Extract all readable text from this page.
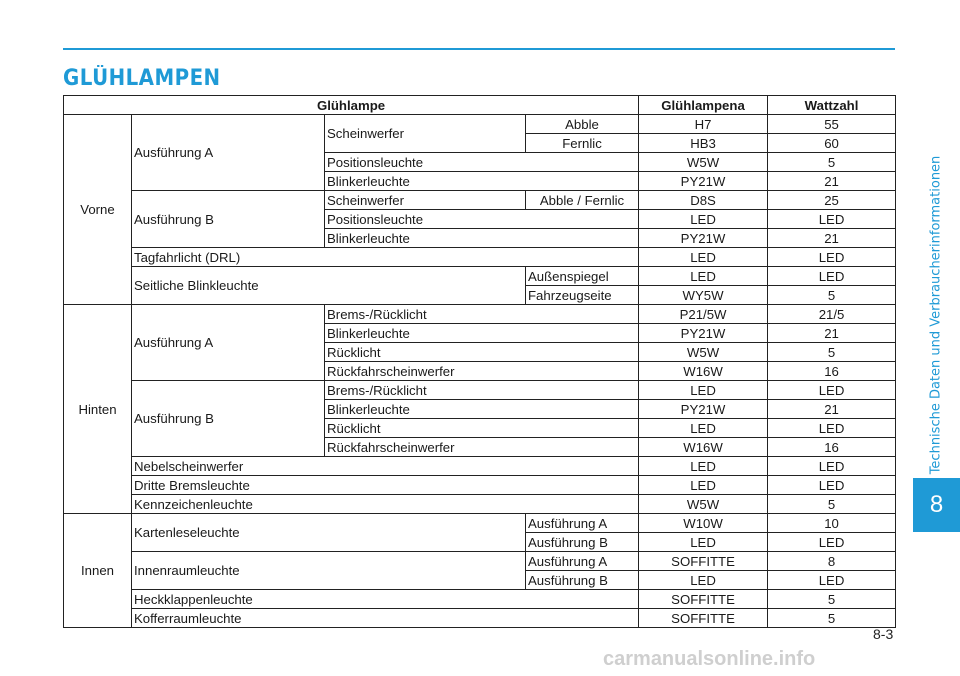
GLÜHLAMPEN
Technische Daten und Verbraucherinformationen
8
Glühlampe				Glühlampena	Wattzahl
Vorne	Ausführung A	Scheinwerfer	Abble	H7	55
			Fernlic	HB3	60
		Positionsleuchte		W5W	5
		Blinkerleuchte		PY21W	21
	Ausführung B	Scheinwerfer	Abble / Fernlic	D8S	25
		Positionsleuchte		LED	LED
		Blinkerleuchte		PY21W	21
	Tagfahrlicht (DRL)			LED	LED
	Seitliche Blinkleuchte		Außenspiegel	LED	LED
			Fahrzeugseite	WY5W	5
Hinten	Ausführung A	Brems-/Rücklicht		P21/5W	21/5
		Blinkerleuchte		PY21W	21
		Rücklicht		W5W	5
		Rückfahrscheinwerfer		W16W	16
	Ausführung B	Brems-/Rücklicht		LED	LED
		Blinkerleuchte		PY21W	21
		Rücklicht		LED	LED
		Rückfahrscheinwerfer		W16W	16
	Nebelscheinwerfer			LED	LED
	Dritte Bremsleuchte			LED	LED
	Kennzeichenleuchte			W5W	5
Innen	Kartenleseleuchte		Ausführung A	W10W	10
			Ausführung B	LED	LED
	Innenraumleuchte		Ausführung A	SOFFITTE	8
			Ausführung B	LED	LED
	Heckklappenleuchte			SOFFITTE	5
	Kofferraumleuchte			SOFFITTE	5
8-3
carmanualsonline.info
